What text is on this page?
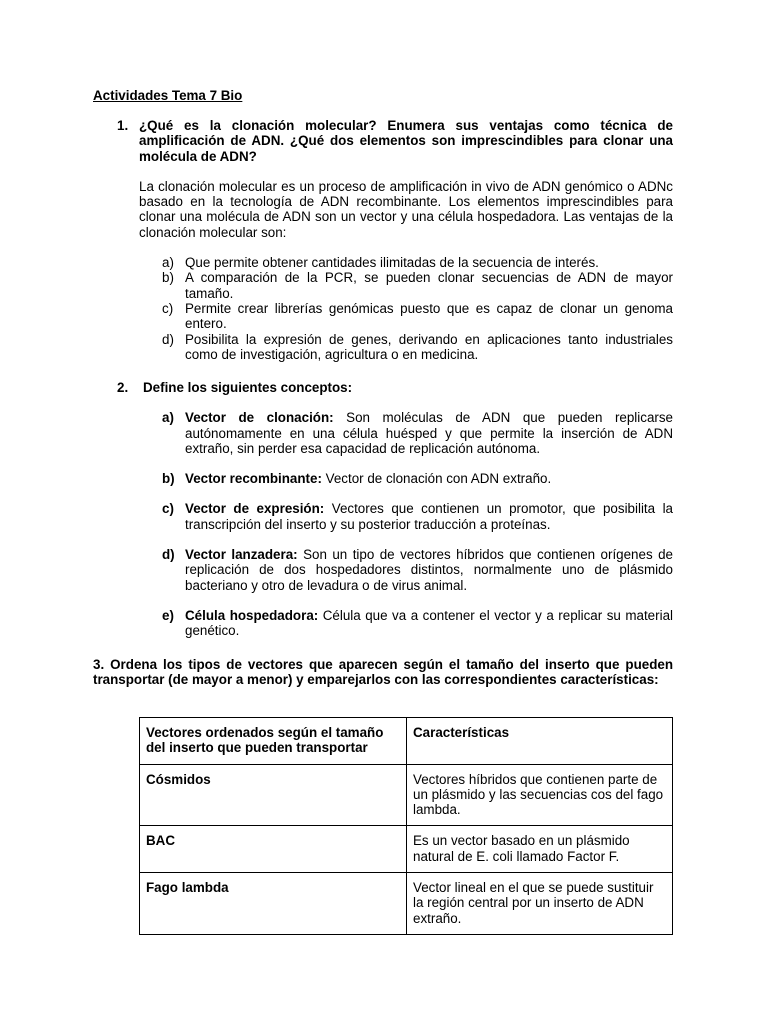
Actividades Tema 7 Bio
1. ¿Qué es la clonación molecular? Enumera sus ventajas como técnica de amplificación de ADN. ¿Qué dos elementos son imprescindibles para clonar una molécula de ADN?
La clonación molecular es un proceso de amplificación in vivo de ADN genómico o ADNc basado en la tecnología de ADN recombinante. Los elementos imprescindibles para clonar una molécula de ADN son un vector y una célula hospedadora. Las ventajas de la clonación molecular son:
a) Que permite obtener cantidades ilimitadas de la secuencia de interés.
b) A comparación de la PCR, se pueden clonar secuencias de ADN de mayor tamaño.
c) Permite crear librerías genómicas puesto que es capaz de clonar un genoma entero.
d) Posibilita la expresión de genes, derivando en aplicaciones tanto industriales como de investigación, agricultura o en medicina.
2. Define los siguientes conceptos:
a) Vector de clonación: Son moléculas de ADN que pueden replicarse autónomamente en una célula huésped y que permite la inserción de ADN extraño, sin perder esa capacidad de replicación autónoma.
b) Vector recombinante: Vector de clonación con ADN extraño.
c) Vector de expresión: Vectores que contienen un promotor, que posibilita la transcripción del inserto y su posterior traducción a proteínas.
d) Vector lanzadera: Son un tipo de vectores híbridos que contienen orígenes de replicación de dos hospedadores distintos, normalmente uno de plásmido bacteriano y otro de levadura o de virus animal.
e) Célula hospedadora: Célula que va a contener el vector y a replicar su material genético.
3. Ordena los tipos de vectores que aparecen según el tamaño del inserto que pueden transportar (de mayor a menor) y emparejarlos con las correspondientes características:
Vectores ordenados según el tamaño del inserto que pueden transportar	Características
Cósmidos	Vectores híbridos que contienen parte de un plásmido y las secuencias cos del fago lambda.
BAC	Es un vector basado en un plásmido natural de E. coli llamado Factor F.
Fago lambda	Vector lineal en el que se puede sustituir la región central por un inserto de ADN extraño.
